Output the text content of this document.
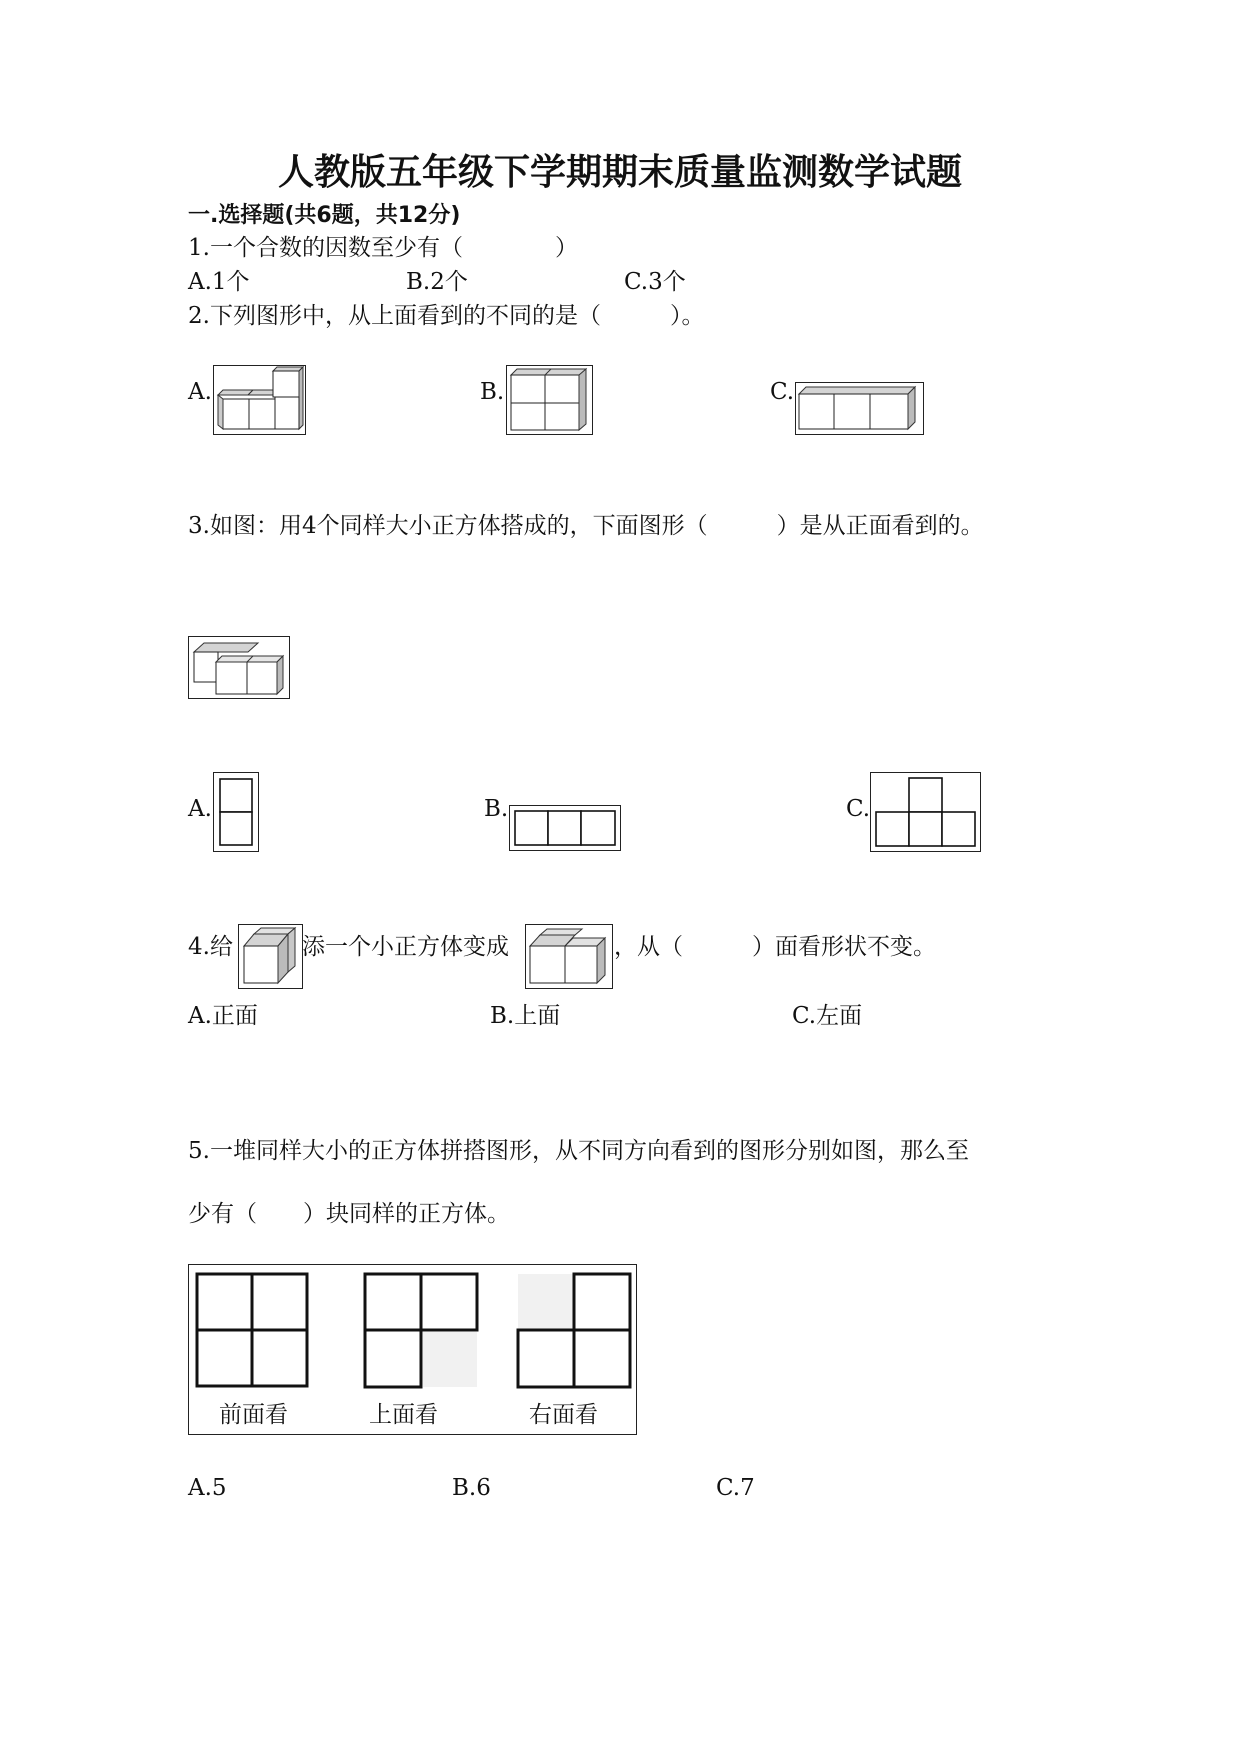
人教版五年级下学期期末质量监测数学试题
一.选择题(共6题，共12分)
1.一个合数的因数至少有（　　　　）
A.1个	B.2个	C.3个
2.下列图形中，从上面看到的不同的是（　　　）。
A.	B.	C.
3.如图：用4个同样大小正方体搭成的，下面图形（　　　）是从正面看到的。
A.	B.	C.
4.给	添一个小正方体变成	，从（　　　）面看形状不变。
A.正面	B.上面	C.左面
5.一堆同样大小的正方体拼搭图形，从不同方向看到的图形分别如图，那么至
少有（　　）块同样的正方体。
前面看	上面看	右面看
A.5	B.6	C.7
